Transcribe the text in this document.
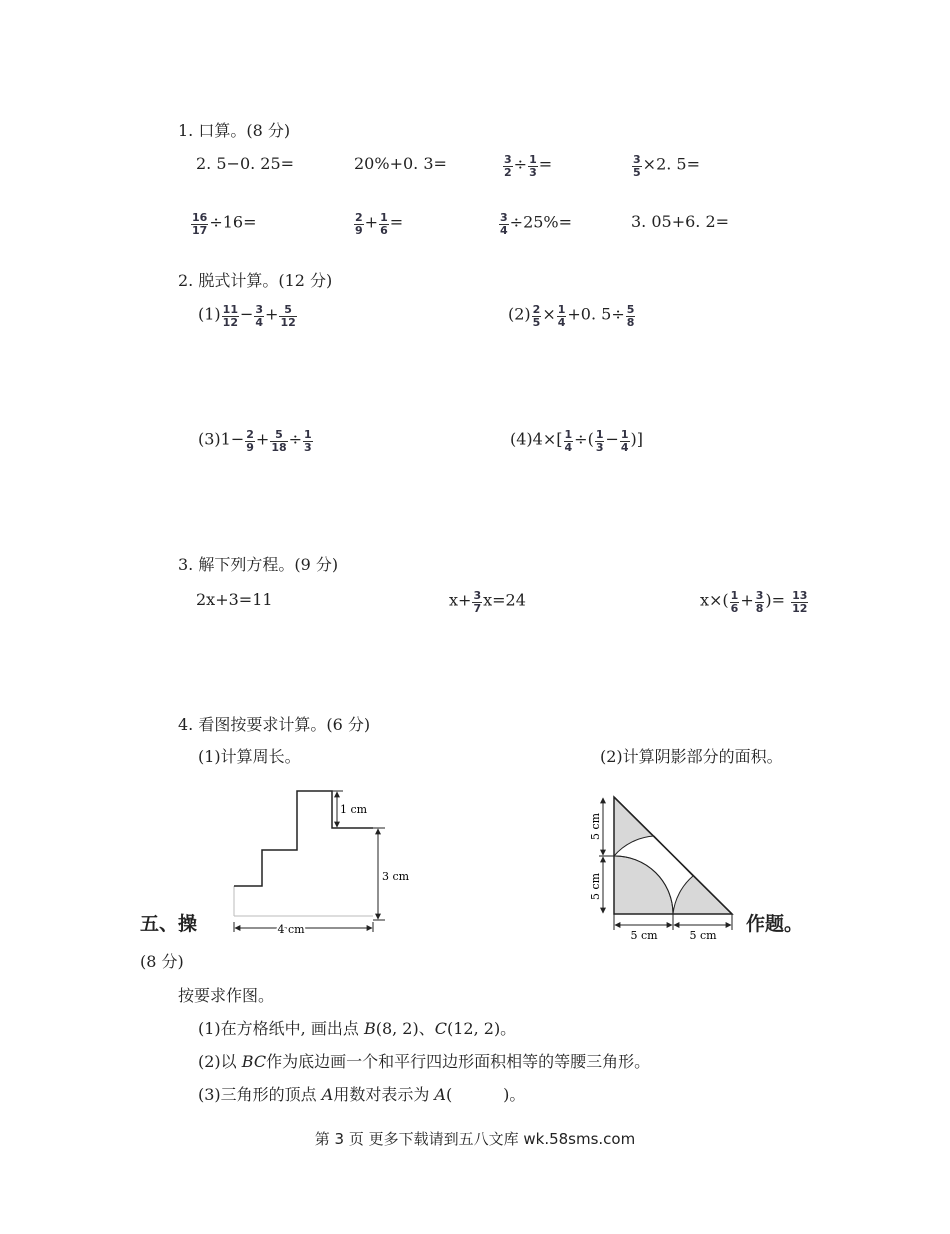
1. 口算。(8 分)
2. 5−0. 25=	20%+0. 3=	$\frac{3}{2} \div \frac{1}{3}$ =	$\frac{3}{5} \times 2$. 5=
$\frac{16}{17} \div 16=$	$\frac{2}{9} + \frac{1}{6}$ =	$\frac{3}{4} \div 25\%=$	3. 05+6. 2=
2. 脱式计算。(12 分)
$(1) \frac{11}{12} - \frac{3}{4} + \frac{5}{12}$	$(2) \frac{2}{5} \times \frac{1}{4} +0$. $5\div \frac{5}{8}$
$(3)1- \frac{2}{9} + \frac{5}{18} \div \frac{1}{3}$	$(4)4\times[ \frac{1}{4}$ ÷( $\frac{1}{3} - \frac{1}{4}$ )]
3. 解下列方程。(9 分)
2x+3=11	$x+ \frac{3}{7} x=24$	$x\times( \frac{1}{6} + \frac{3}{8}$ )= $\frac{13}{12}$
4. 看图按要求计算。(6 分)
(1)计算周长。	(2)计算阴影部分的面积。
1 cm
3 cm
4 cm
5 cm
5 cm
5 cm	5 cm
五、操	作题。
(8 分)
按要求作图。
(1)在方格纸中, 画出点 B(8, 2)、C(12, 2)。
(2)以 BC作为底边画一个和平行四边形面积相等的等腰三角形。
(3)三角形的顶点 A用数对表示为 A(          )。
第 3 页 更多下载请到五八文库 wk.58sms.com
